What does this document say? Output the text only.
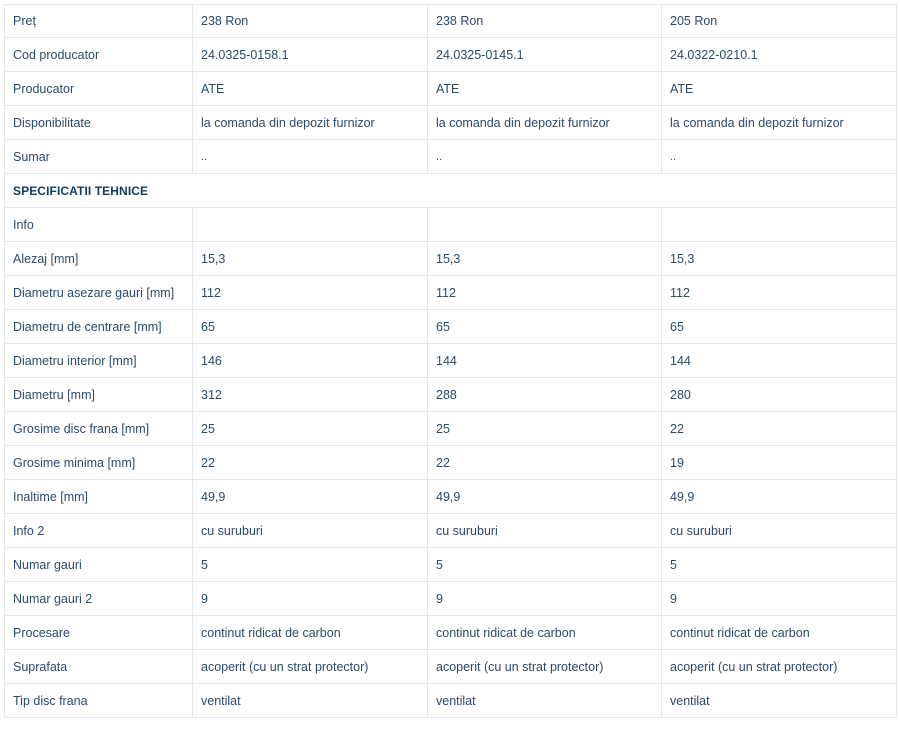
Preț	238 Ron	238 Ron	205 Ron
Cod producator	24.0325-0158.1	24.0325-0145.1	24.0322-0210.1
Producator	ATE	ATE	ATE
Disponibilitate	la comanda din depozit furnizor	la comanda din depozit furnizor	la comanda din depozit furnizor
Sumar	..	..	..
SPECIFICATII TEHNICE			
Info			
Alezaj [mm]	15,3	15,3	15,3
Diametru asezare gauri [mm]	112	112	112
Diametru de centrare [mm]	65	65	65
Diametru interior [mm]	146	144	144
Diametru [mm]	312	288	280
Grosime disc frana [mm]	25	25	22
Grosime minima [mm]	22	22	19
Inaltime [mm]	49,9	49,9	49,9
Info 2	cu suruburi	cu suruburi	cu suruburi
Numar gauri	5	5	5
Numar gauri 2	9	9	9
Procesare	continut ridicat de carbon	continut ridicat de carbon	continut ridicat de carbon
Suprafata	acoperit (cu un strat protector)	acoperit (cu un strat protector)	acoperit (cu un strat protector)
Tip disc frana	ventilat	ventilat	ventilat
